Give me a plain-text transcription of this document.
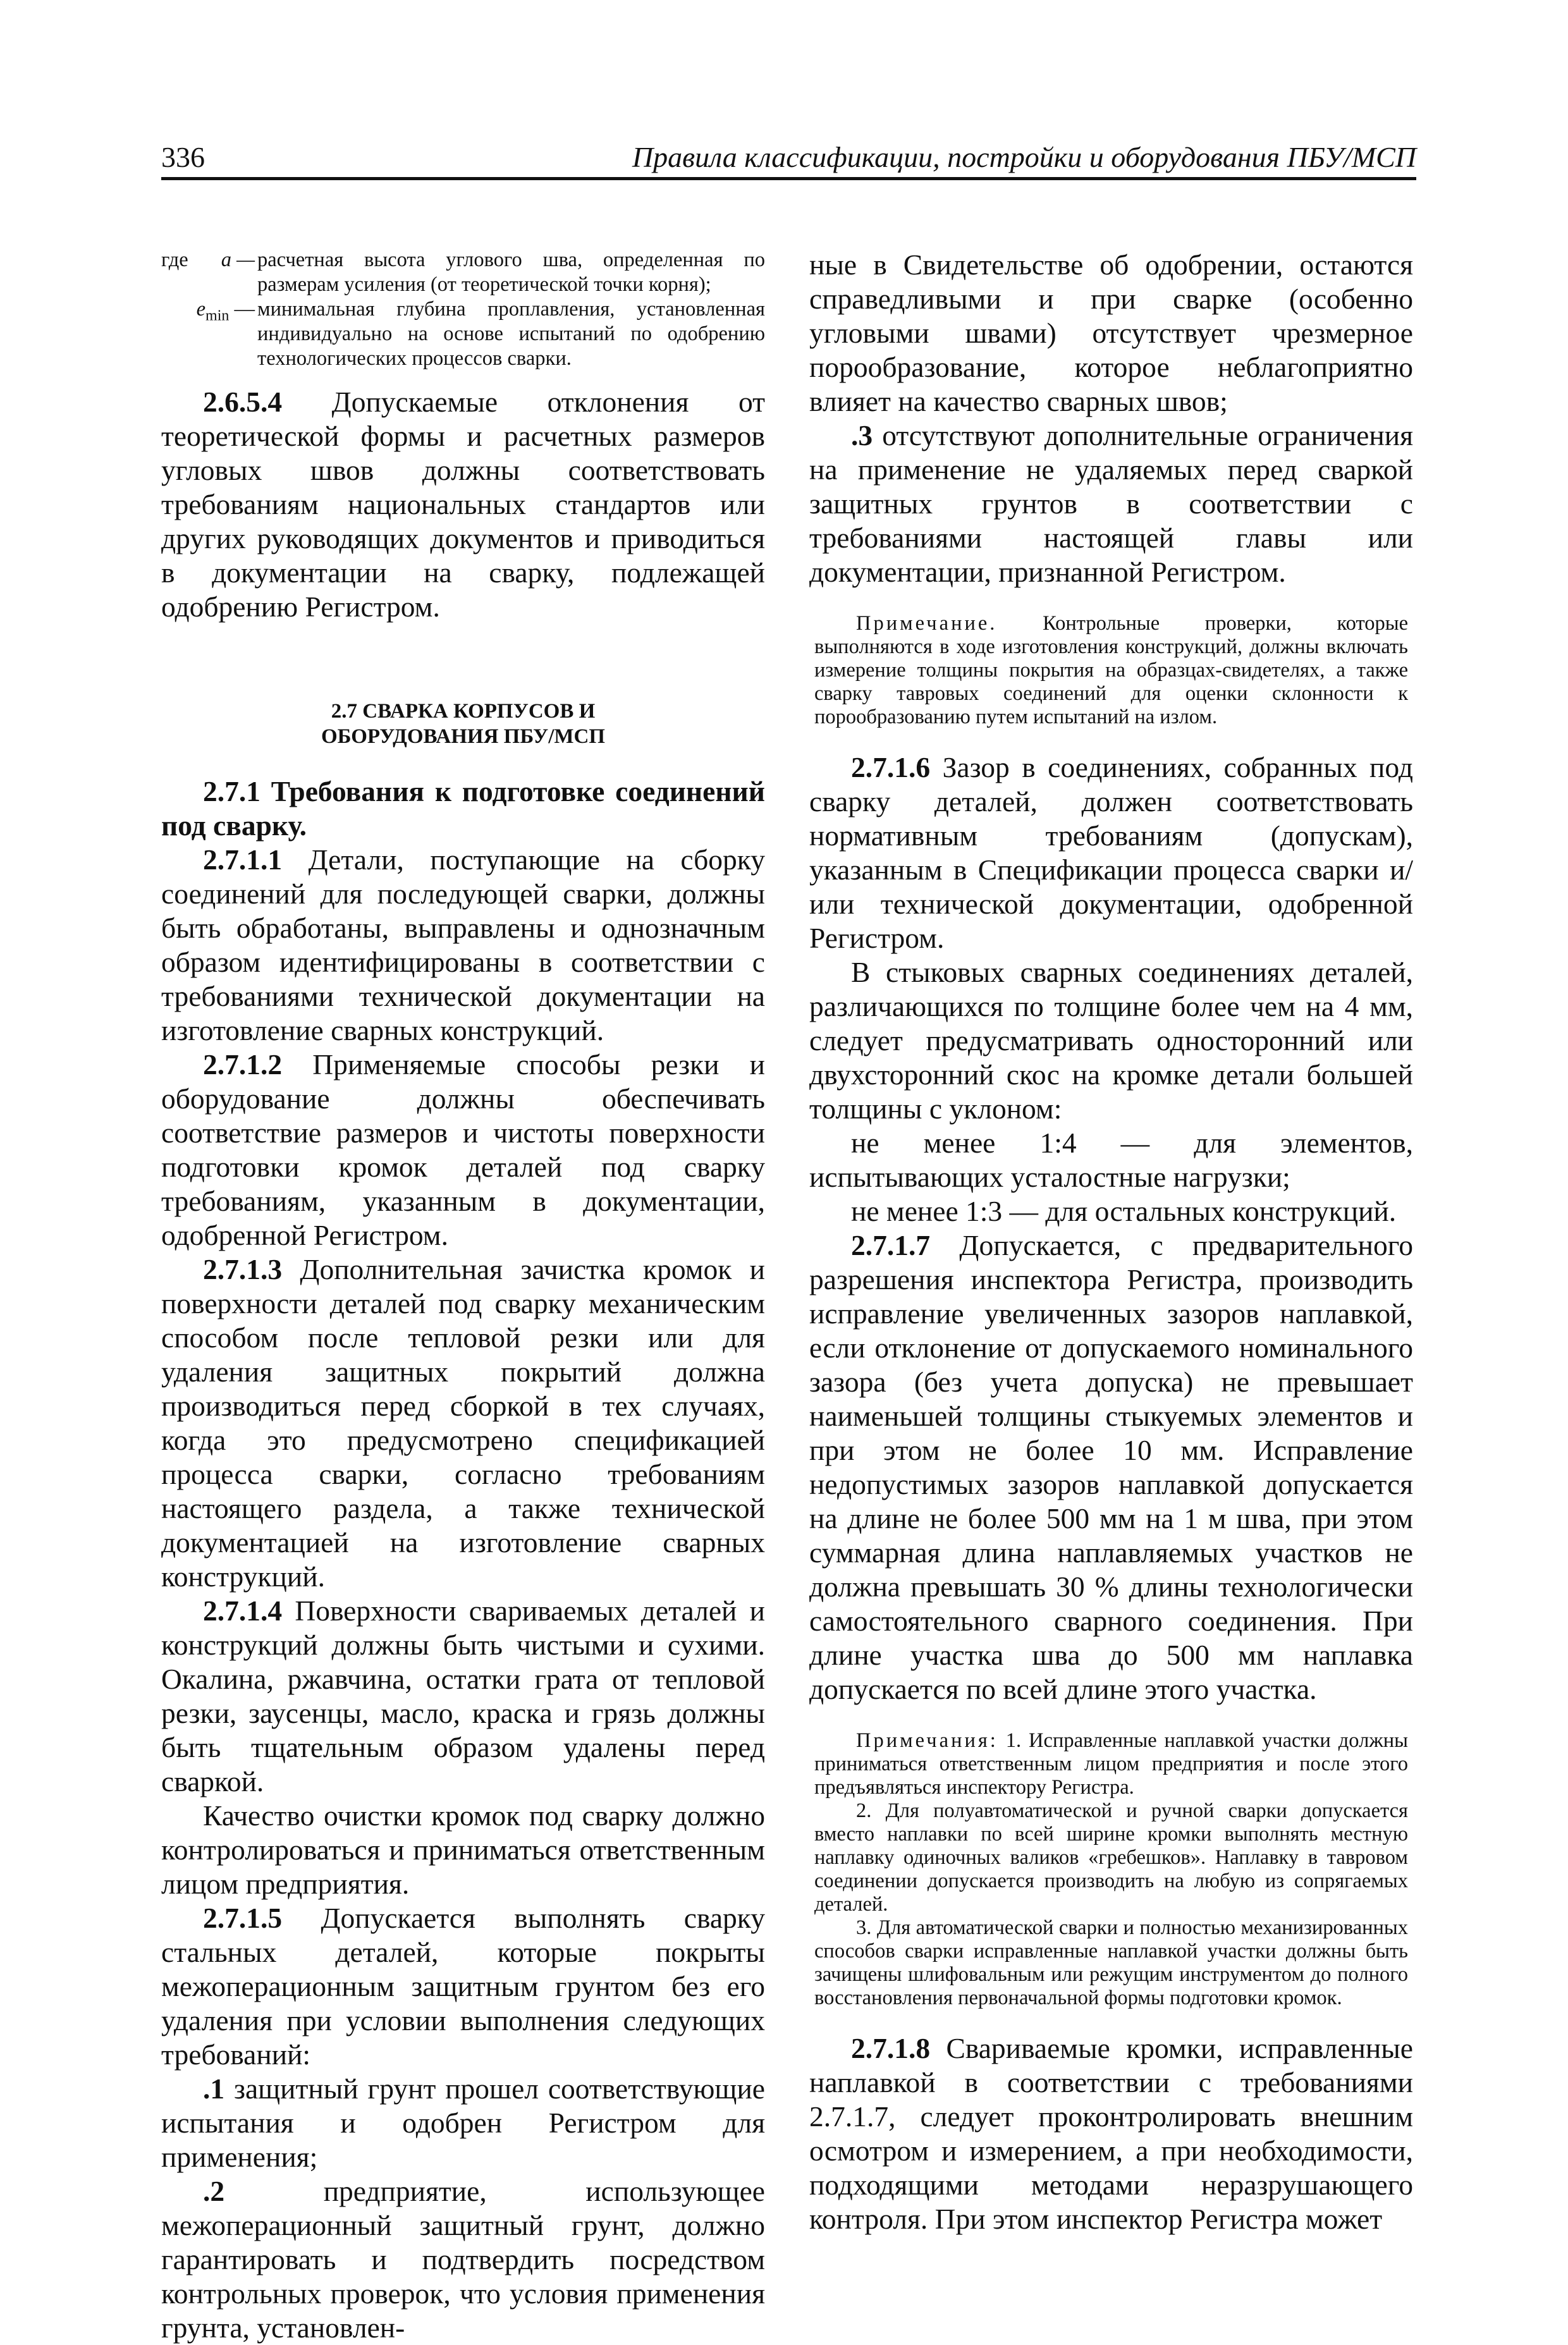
336	Правила классификации, постройки и оборудования ПБУ/МСП
где	a — расчетная высота углового шва, определенная по размерам усиления (от теоретической точки корня);
$e_{min}$ — минимальная глубина проплавления, установленная индивидуально на основе испытаний по одобрению технологических процессов сварки.

2.6.5.4 Допускаемые отклонения от теоретической формы и расчетных размеров угловых швов должны соответствовать требованиям национальных стандартов или других руководящих документов и приводиться в документации на сварку, подлежащей одобрению Регистром.

2.7 СВАРКА КОРПУСОВ И ОБОРУДОВАНИЯ ПБУ/МСП

2.7.1 Требования к подготовке соединений под сварку.

2.7.1.1 Детали, поступающие на сборку соединений для последующей сварки, должны быть обработаны, выправлены и однозначным образом идентифицированы в соответствии с требованиями технической документации на изготовление сварных конструкций.

2.7.1.2 Применяемые способы резки и оборудование должны обеспечивать соответствие размеров и чистоты поверхности подготовки кромок деталей под сварку требованиям, указанным в документации, одобренной Регистром.

2.7.1.3 Дополнительная зачистка кромок и поверхности деталей под сварку механическим способом после тепловой резки или для удаления защитных покрытий должна производиться перед сборкой в тех случаях, когда это предусмотрено спецификацией процесса сварки, согласно требованиям настоящего раздела, а также технической документацией на изготовление сварных конструкций.

2.7.1.4 Поверхности свариваемых деталей и конструкций должны быть чистыми и сухими. Окалина, ржавчина, остатки грата от тепловой резки, заусенцы, масло, краска и грязь должны быть тщательным образом удалены перед сваркой.

Качество очистки кромок под сварку должно контролироваться и приниматься ответственным лицом предприятия.

2.7.1.5 Допускается выполнять сварку стальных деталей, которые покрыты межоперационным защитным грунтом без его удаления при условии выполнения следующих требований:

.1 защитный грунт прошел соответствующие испытания и одобрен Регистром для применения;

.2 предприятие, использующее межоперационный защитный грунт, должно гарантировать и подтвердить посредством контрольных проверок, что условия применения грунта, установлен-

ные в Свидетельстве об одобрении, остаются справедливыми и при сварке (особенно угловыми швами) отсутствует чрезмерное порообразование, которое неблагоприятно влияет на качество сварных швов;

.3 отсутствуют дополнительные ограничения на применение не удаляемых перед сваркой защитных грунтов в соответствии с требованиями настоящей главы или документации, признанной Регистром.

Примечание. Контрольные проверки, которые выполняются в ходе изготовления конструкций, должны включать измерение толщины покрытия на образцах-свидетелях, а также сварку тавровых соединений для оценки склонности к порообразованию путем испытаний на излом.

2.7.1.6 Зазор в соединениях, собранных под сварку деталей, должен соответствовать нормативным требованиям (допускам), указанным в Спецификации процесса сварки и/или технической документации, одобренной Регистром.

В стыковых сварных соединениях деталей, различающихся по толщине более чем на 4 мм, следует предусматривать односторонний или двухсторонний скос на кромке детали большей толщины с уклоном:

не менее 1:4 — для элементов, испытывающих усталостные нагрузки;

не менее 1:3 — для остальных конструкций.

2.7.1.7 Допускается, с предварительного разрешения инспектора Регистра, производить исправление увеличенных зазоров наплавкой, если отклонение от допускаемого номинального зазора (без учета допуска) не превышает наименьшей толщины стыкуемых элементов и при этом не более 10 мм. Исправление недопустимых зазоров наплавкой допускается на длине не более 500 мм на 1 м шва, при этом суммарная длина наплавляемых участков не должна превышать 30 % длины технологически самостоятельного сварного соединения. При длине участка шва до 500 мм наплавка допускается по всей длине этого участка.

Примечания: 1. Исправленные наплавкой участки должны приниматься ответственным лицом предприятия и после этого предъявляться инспектору Регистра.

2. Для полуавтоматической и ручной сварки допускается вместо наплавки по всей ширине кромки выполнять местную наплавку одиночных валиков «гребешков». Наплавку в тавровом соединении допускается производить на любую из сопрягаемых деталей.

3. Для автоматической сварки и полностью механизированных способов сварки исправленные наплавкой участки должны быть зачищены шлифовальным или режущим инструментом до полного восстановления первоначальной формы подготовки кромок.

2.7.1.8 Свариваемые кромки, исправленные наплавкой в соответствии с требованиями 2.7.1.7, следует проконтролировать внешним осмотром и измерением, а при необходимости, подходящими методами неразрушающего контроля. При этом инспектор Регистра может
